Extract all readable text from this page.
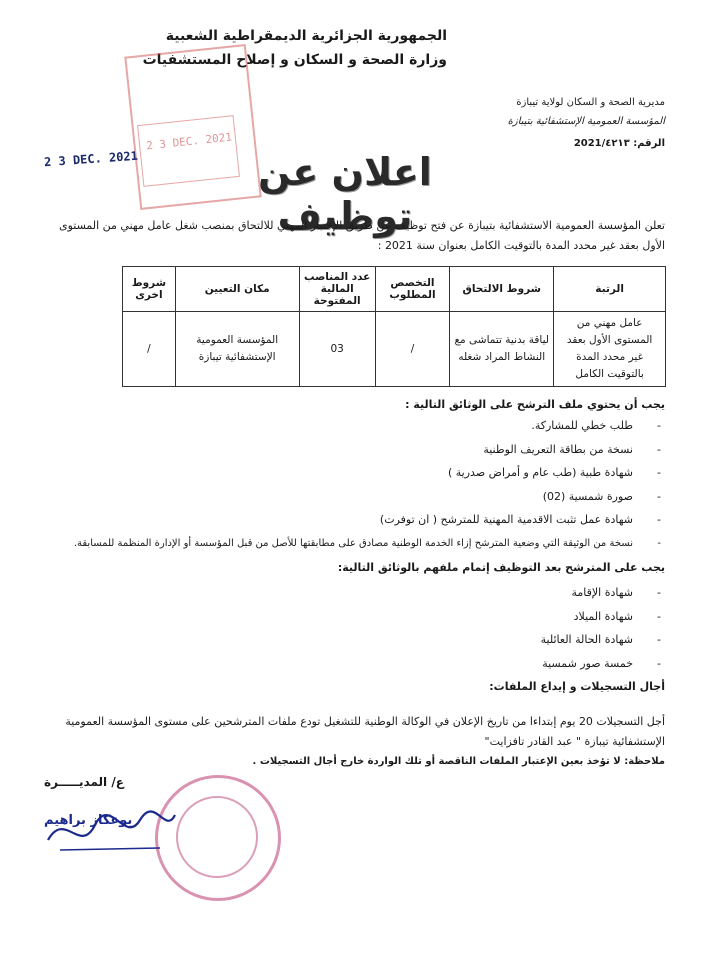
الجمهورية الجزائرية الديمقراطية الشعبية
وزارة الصحة و السكان و إصلاح المستشفيات
2 3 DEC. 2021
مديرية الصحة و السكان لولاية تيبازة
المؤسسة العمومية الإستشفائية بتيبازة
الرقم: 2021/٤٢١٣
2 3 DEC. 2021	اعلان عن توظيف
تعلن المؤسسة العمومية الاستشفائية بتيبازة عن فتح توظيف عن طريق الإختبار المهني للالتحاق بمنصب شغل عامل مهني من المستوى الأول بعقد غير محدد المدة بالتوقيت الكامل بعنوان سنة 2021 :
الرتبة	شروط الالتحاق	التخصص المطلوب	عدد المناصب المالية المفتوحة	مكان التعيين	شروط اخرى
عامل مهني من المستوى الأول بعقد غير محدد المدة بالتوقيت الكامل	لياقة بدنية تتماشى مع النشاط المراد شغله	/	03	المؤسسة العمومية الإستشفائية تيبازة	/
يجب أن يحتوي ملف الترشح على الوثائق التالية :
- طلب خطي للمشاركة.
- نسخة من بطاقة التعريف الوطنية
- شهادة طبية (طب عام و أمراض صدرية )
- صورة شمسية (02)
- شهادة عمل تثبت الاقدمية المهنية للمترشح ( ان توفرت)
- نسخة من الوثيقة التي وضعية المترشح إزاء الخدمة الوطنية مصادق على مطابقتها للأصل من قبل المؤسسة أو الإدارة المنظمة للمسابقة.
يجب على المترشح بعد التوظيف إتمام ملفهم بالوثائق التالية:
- شهادة الإقامة
- شهادة الميلاد
- شهادة الحالة العائلية
- خمسة صور شمسية
أجال التسجيلات و إيداع الملفات:
أجل التسجيلات 20 يوم إبتداءا من تاريخ الإعلان في الوكالة الوطنية للتشغيل تودع ملفات المترشحين على مستوى المؤسسة العمومية الإستشفائية تيبازة " عبد القادر تافزايت"
ملاحظة: لا تؤخذ بعين الإعتبار الملفات الناقصة أو تلك الواردة خارج أجال التسجيلات .
ع/ المديـــــرة
بوعكاز براهيم
